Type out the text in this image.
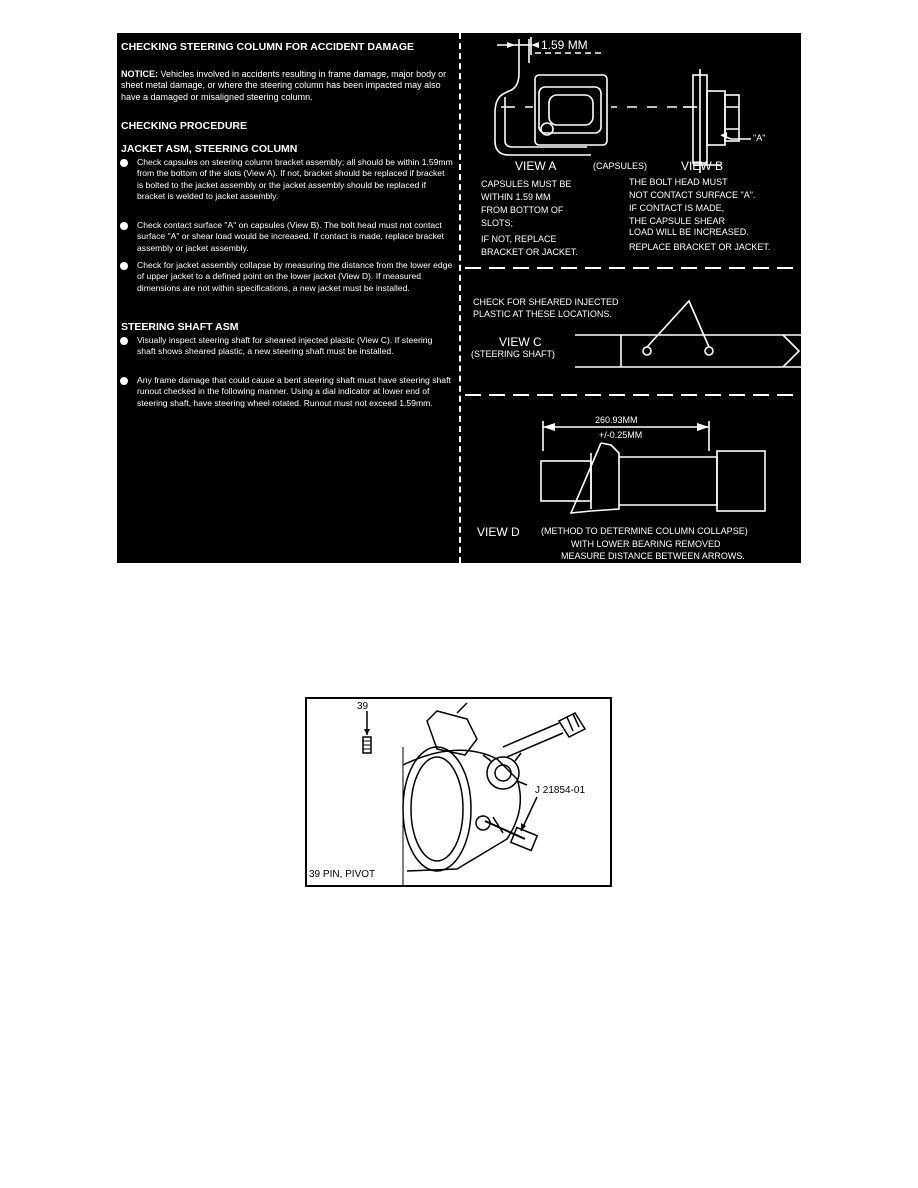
CHECKING STEERING COLUMN FOR ACCIDENT DAMAGE
NOTICE: Vehicles involved in accidents resulting in frame damage, major body or sheet metal damage, or where the steering column has been impacted may also have a damaged or misaligned steering column.
CHECKING PROCEDURE
JACKET ASM, STEERING COLUMN
Check capsules on steering column bracket assembly; all should be within 1.59mm from the bottom of the slots (View A). If not, bracket should be replaced if bracket is bolted to the jacket assembly or the jacket assembly should be replaced if bracket is welded to jacket assembly.
Check contact surface "A" on capsules (View B). The bolt head must not contact surface "A" or shear load would be increased. If contact is made, replace bracket assembly or jacket assembly.
Check for jacket assembly collapse by measuring the distance from the lower edge of upper jacket to a defined point on the lower jacket (View D). If measured dimensions are not within specifications, a new jacket must be installed.
STEERING SHAFT ASM
Visually inspect steering shaft for sheared injected plastic (View C). If steering shaft shows sheared plastic, a new steering shaft must be installed.
Any frame damage that could cause a bent steering shaft must have steering shaft runout checked in the following manner. Using a dial indicator at lower end of steering shaft, have steering wheel rotated. Runout must not exceed 1.59mm.
1.59 MM
"A"
VIEW A	(CAPSULES)	VIEW B
CAPSULES MUST BE
WITHIN 1.59 MM
FROM BOTTOM OF
SLOTS;
IF NOT, REPLACE
BRACKET OR JACKET.
THE BOLT HEAD MUST
NOT CONTACT SURFACE "A".
IF CONTACT IS MADE,
THE CAPSULE SHEAR
LOAD WILL BE INCREASED.
REPLACE BRACKET OR JACKET.
CHECK FOR SHEARED INJECTED
PLASTIC AT THESE LOCATIONS.
VIEW C
(STEERING SHAFT)
260.93MM
+/-0.25MM
VIEW D (METHOD TO DETERMINE COLUMN COLLAPSE)
WITH LOWER BEARING REMOVED
MEASURE DISTANCE BETWEEN ARROWS.
39
J 21854-01
39 PIN, PIVOT
